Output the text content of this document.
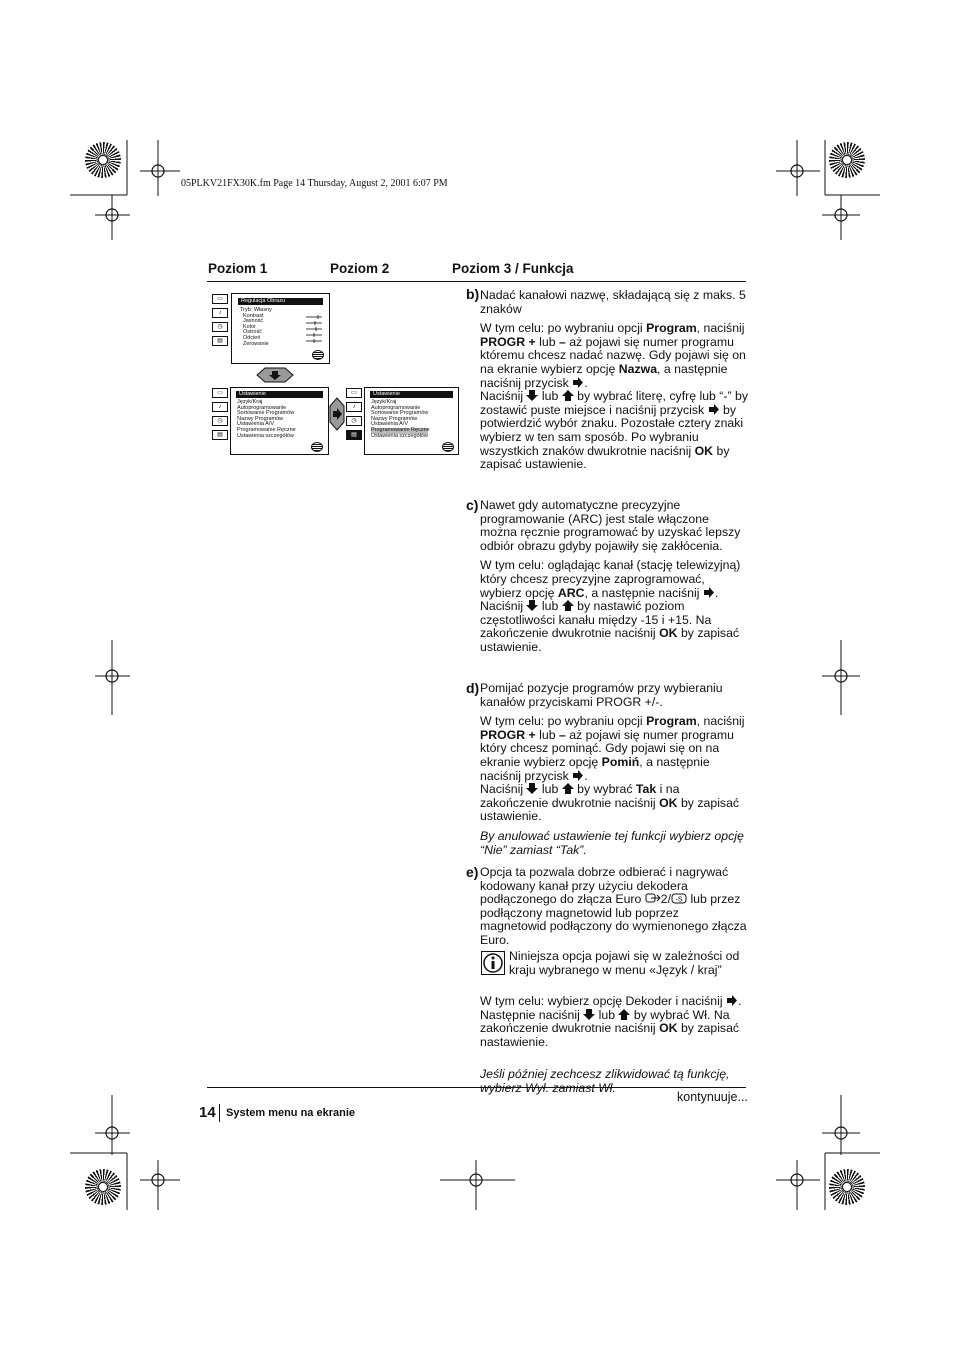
05PLKV21FX30K.fm Page 14 Thursday, August 2, 2001 6:07 PM
Poziom 1	Poziom 2	Poziom 3 / Funkcja
▭
♪
◷
▤
Regulacja Obrazu
Tryb: Własny
Kontrast
Jasność
Kolor
Ostrość
Odcień
Zerowanie
▭
♪
◷
▤
Ustawienie
Język/Kraj
Autoprogramowanie
Sortowanie Programów
Nazwy Programów
Ustawienia A/V
Programowanie Ręczne
Ustawienia szczegółów
▭
♪
◷
▤
Ustawienie
Język/Kraj
Autoprogramowanie
Sortowanie Programów
Nazwy Programów
Ustawienia A/V
Programowanie Ręczne
Ustawienia szczegółów
b) Nadać kanałowi nazwę, składającą się z maks. 5 znaków

W tym celu: po wybraniu opcji Program, naciśnij PROGR + lub – aż pojawi się numer programu któremu chcesz nadać nazwę. Gdy pojawi się on na ekranie wybierz opcję Nazwa, a następnie naciśnij przycisk .
Naciśnij  lub  by wybrać literę, cyfrę lub “-” by zostawić puste miejsce i naciśnij przycisk  by potwierdzić wybór znaku. Pozostałe cztery znaki wybierz w ten sam sposób. Po wybraniu wszystkich znaków dwukrotnie naciśnij OK by zapisać ustawienie.

c) Nawet gdy automatyczne precyzyjne programowanie (ARC) jest stale włączone można ręcznie programować by uzyskać lepszy odbiór obrazu gdyby pojawiły się zakłócenia.

W tym celu: oglądając kanał (stację telewizyjną) który chcesz precyzyjne zaprogramować, wybierz opcję ARC, a następnie naciśnij . Naciśnij  lub  by nastawić poziom częstotliwości kanału między -15 i +15. Na zakończenie dwukrotnie naciśnij OK by zapisać ustawienie.

d) Pomijać pozycje programów przy wybieraniu kanałów przyciskami PROGR +/-.

W tym celu: po wybraniu opcji Program, naciśnij PROGR + lub – aż pojawi się numer programu który chcesz pominąć. Gdy pojawi się on na ekranie wybierz opcję Pomiń, a następnie naciśnij przycisk .
Naciśnij  lub  by wybrać Tak i na zakończenie dwukrotnie naciśnij OK by zapisać ustawienie.

By anulować ustawienie tej funkcji wybierz opcję “Nie” zamiast “Tak”.

e) Opcja ta pozwala dobrze odbierać i nagrywać kodowany kanał przy użyciu dekodera podłączonego do złącza Euro 2/ -S lub przez podłączony magnetowid lub poprzez magnetowid podłączony do wymienonego złącza Euro.

Niniejsza opcja pojawi się w zależności od kraju wybranego w menu «Język / kraj”

W tym celu: wybierz opcję Dekoder i naciśnij . Następnie naciśnij  lub  by wybrać Wł. Na zakończenie dwukrotnie naciśnij OK by zapisać nastawienie.

Jeśli później zechcesz zlikwidować tą funkcję,

kontynuuje...
14 System menu na ekranie
